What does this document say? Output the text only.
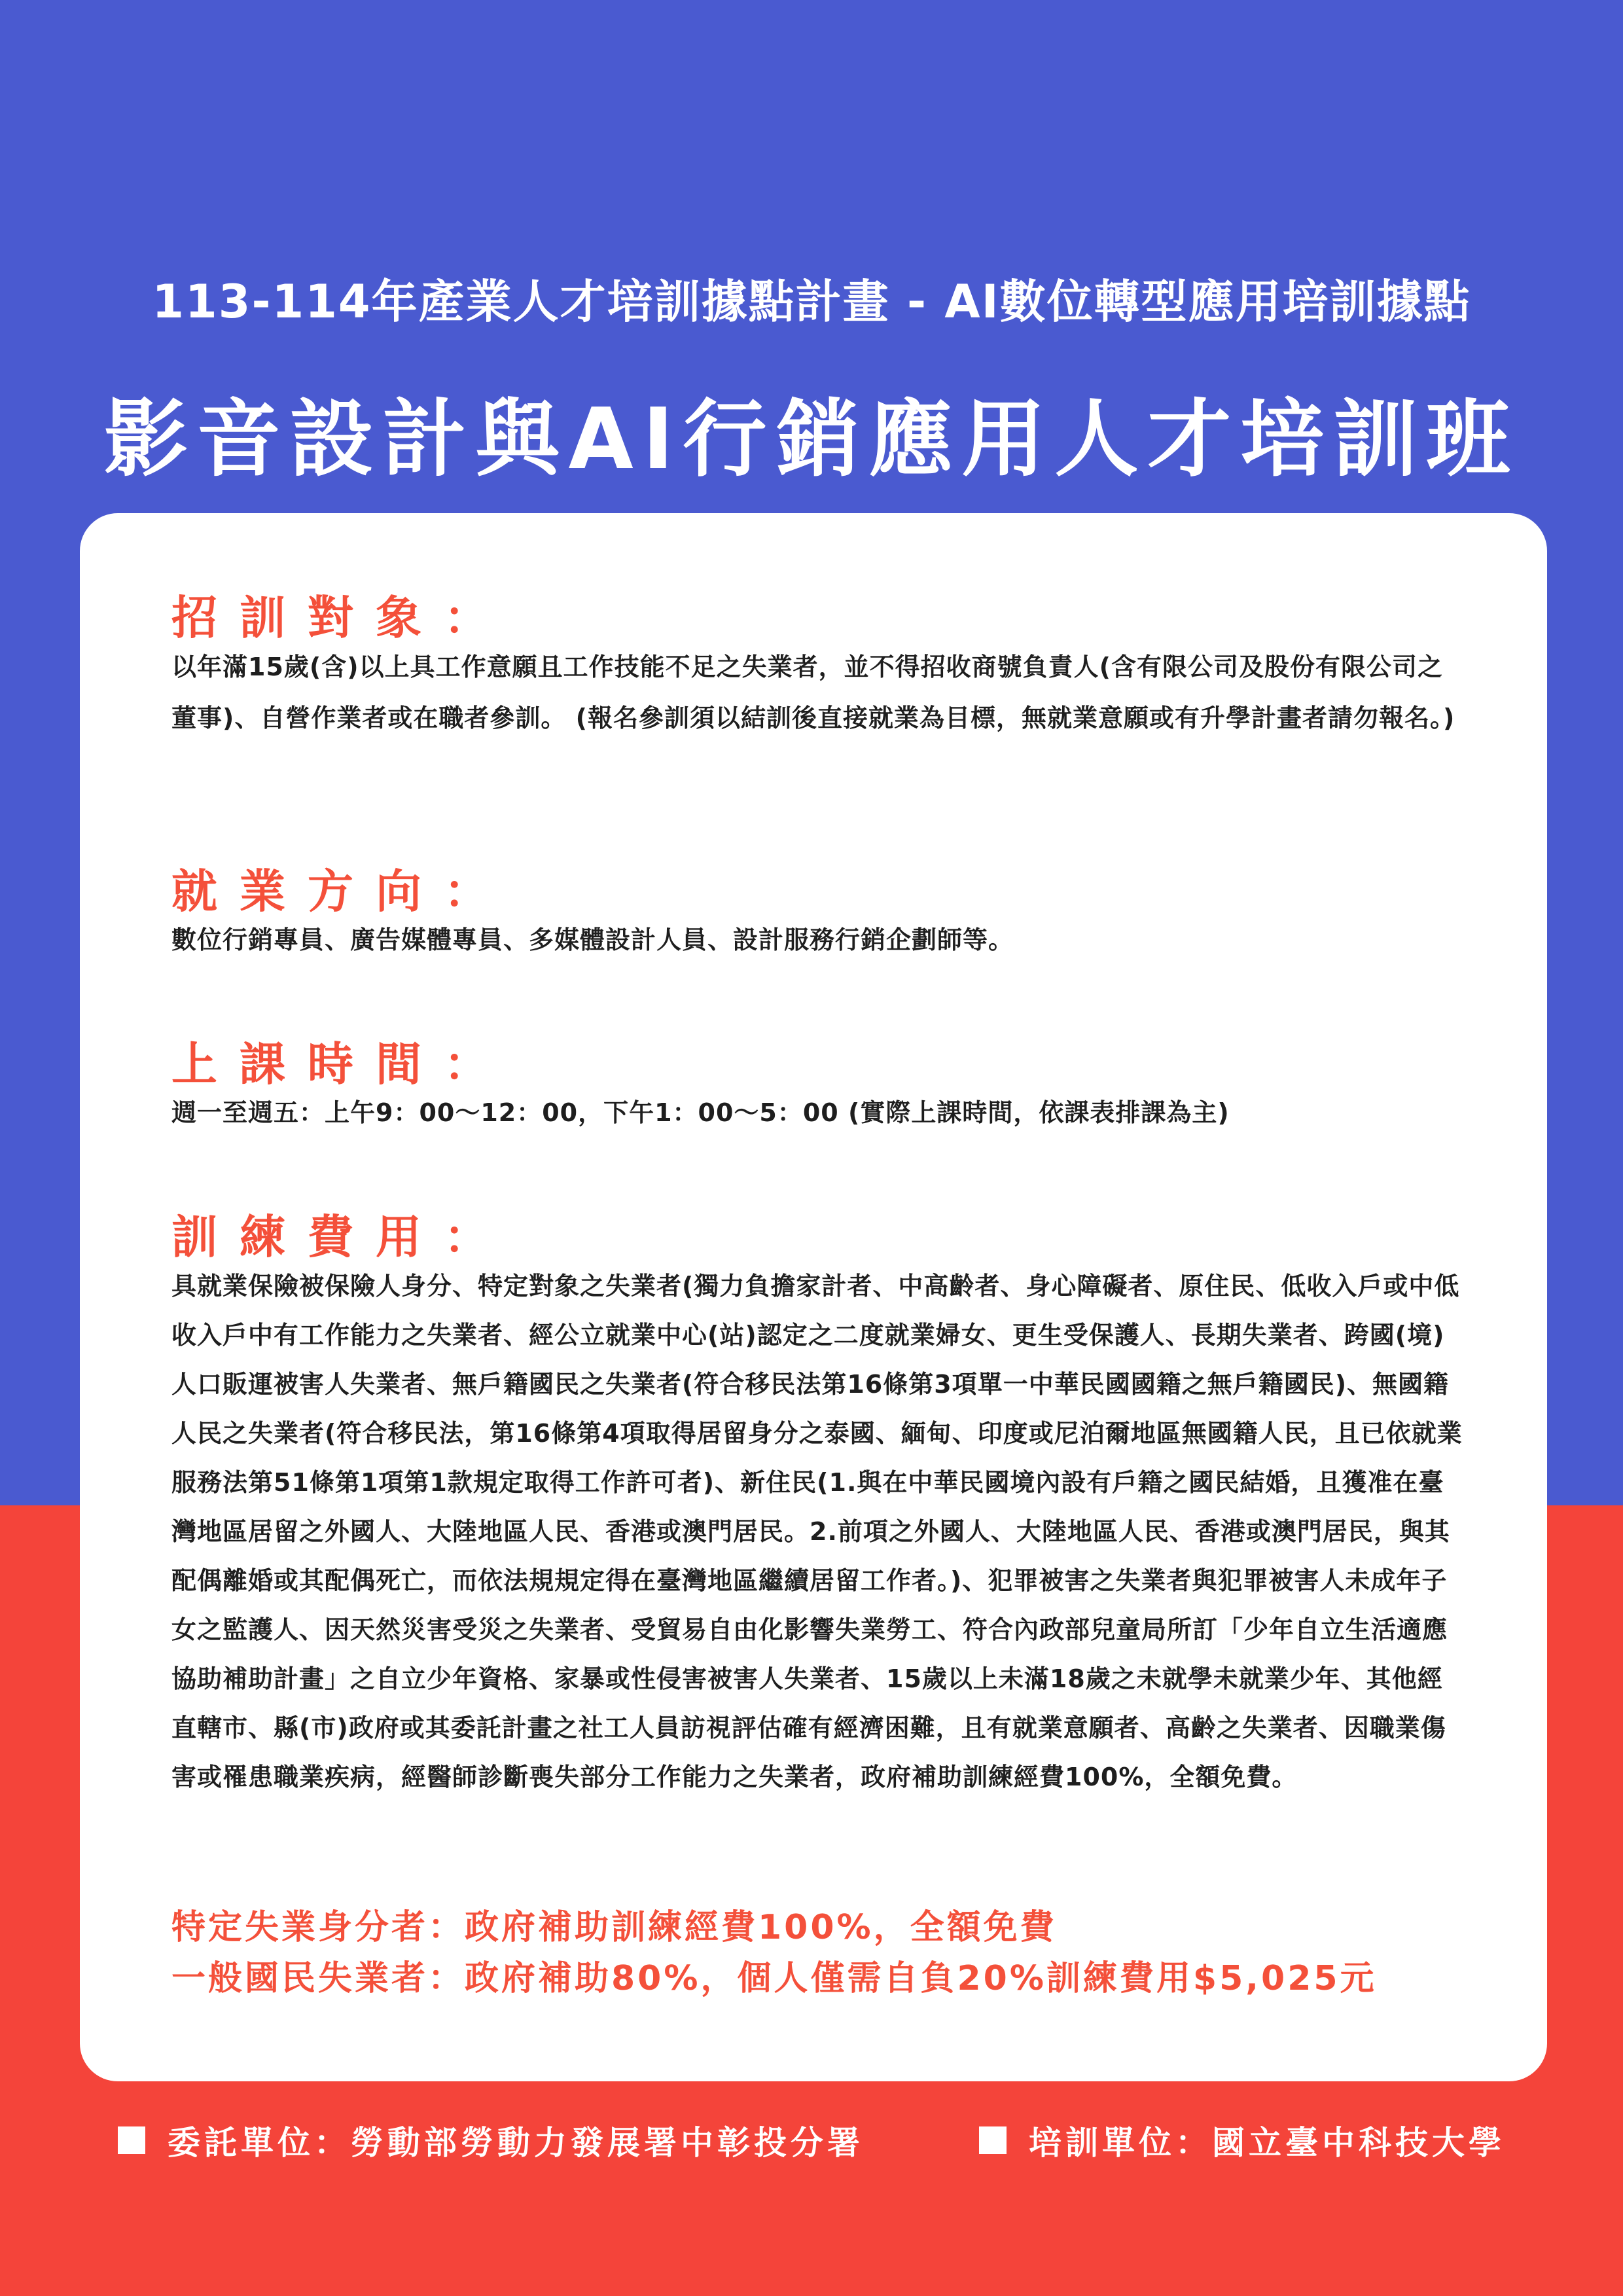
113-114年產業人才培訓據點計畫 - AI數位轉型應用培訓據點
影音設計與AI行銷應用人才培訓班
招訓對象：
以年滿15歲(含)以上具工作意願且工作技能不足之失業者，並不得招收商號負責人(含有限公司及股份有限公司之董事)、自營作業者或在職者參訓。 (報名參訓須以結訓後直接就業為目標，無就業意願或有升學計畫者請勿報名。)
就業方向：
數位行銷專員、廣告媒體專員、多媒體設計人員、設計服務行銷企劃師等。
上課時間：
週一至週五：上午9：00～12：00，下午1：00～5：00 (實際上課時間，依課表排課為主)
訓練費用：
具就業保險被保險人身分、特定對象之失業者(獨力負擔家計者、中高齡者、身心障礙者、原住民、低收入戶或中低收入戶中有工作能力之失業者、經公立就業中心(站)認定之二度就業婦女、更生受保護人、長期失業者、跨國(境)人口販運被害人失業者、無戶籍國民之失業者(符合移民法第16條第3項單一中華民國國籍之無戶籍國民)、無國籍人民之失業者(符合移民法，第16條第4項取得居留身分之泰國、緬甸、印度或尼泊爾地區無國籍人民，且已依就業服務法第51條第1項第1款規定取得工作許可者)、新住民(1.與在中華民國境內設有戶籍之國民結婚，且獲准在臺灣地區居留之外國人、大陸地區人民、香港或澳門居民。2.前項之外國人、大陸地區人民、香港或澳門居民，與其配偶離婚或其配偶死亡，而依法規規定得在臺灣地區繼續居留工作者。)、犯罪被害之失業者與犯罪被害人未成年子女之監護人、因天然災害受災之失業者、受貿易自由化影響失業勞工、符合內政部兒童局所訂「少年自立生活適應協助補助計畫」之自立少年資格、家暴或性侵害被害人失業者、15歲以上未滿18歲之未就學未就業少年、其他經直轄市、縣(市)政府或其委託計畫之社工人員訪視評估確有經濟困難，且有就業意願者、高齡之失業者、因職業傷害或罹患職業疾病，經醫師診斷喪失部分工作能力之失業者，政府補助訓練經費100%，全額免費。
特定失業身分者：政府補助訓練經費100%，全額免費
一般國民失業者：政府補助80%，個人僅需自負20%訓練費用$5,025元
委託單位：勞動部勞動力發展署中彰投分署	培訓單位：國立臺中科技大學
